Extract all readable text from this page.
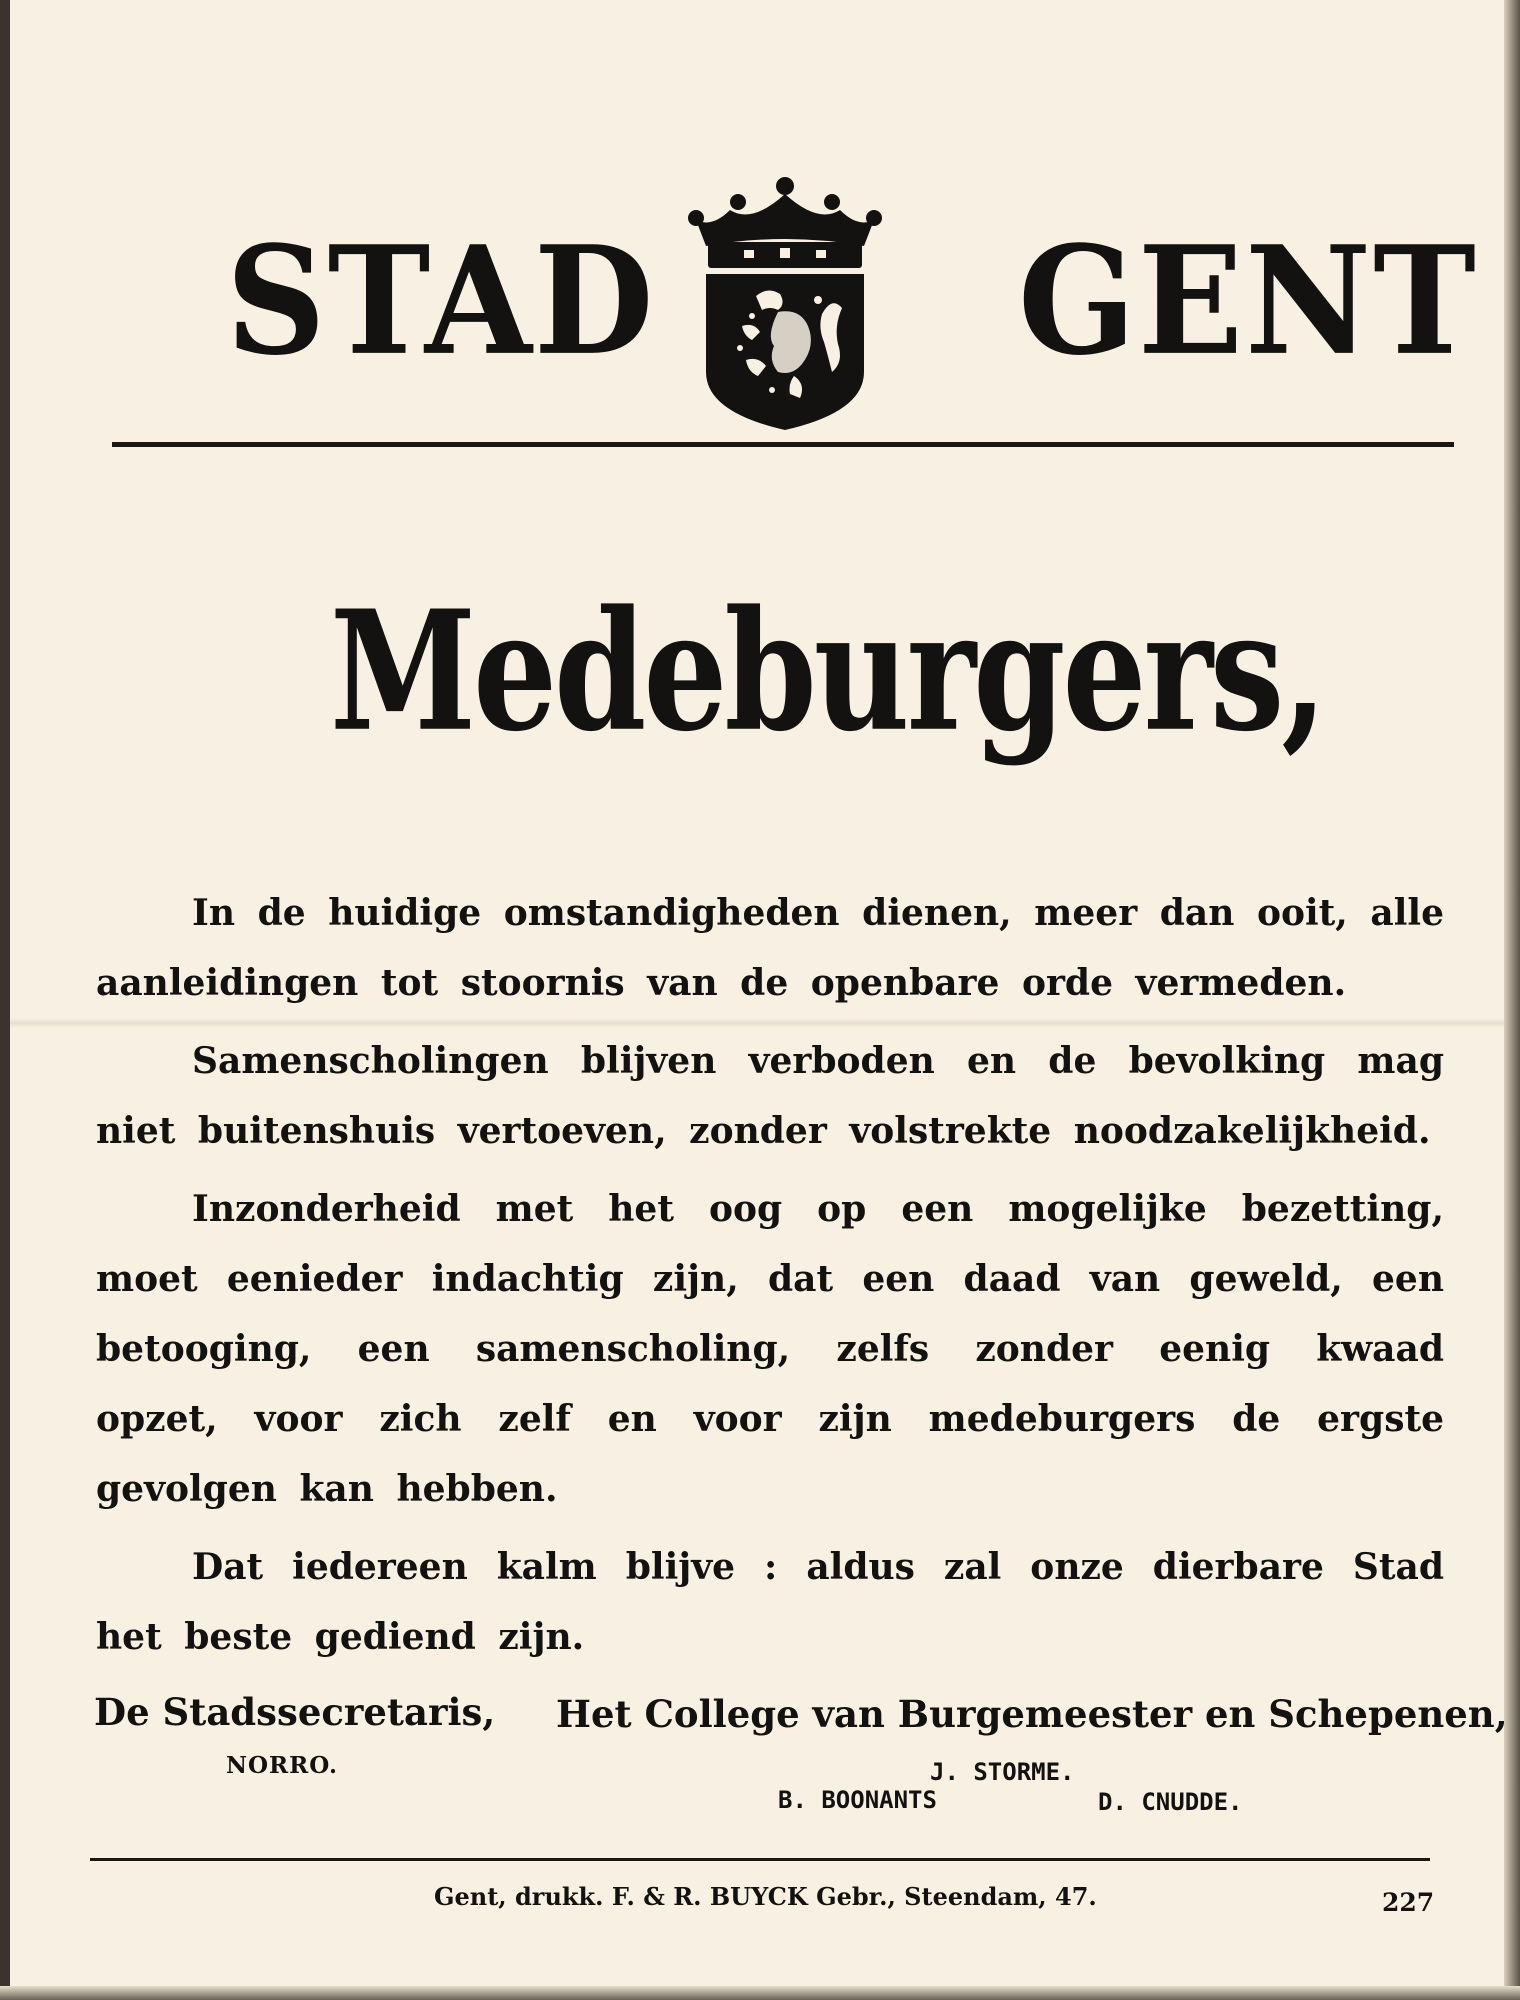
STAD	GENT
Medeburgers,

In de huidige omstandigheden dienen, meer dan ooit, alle aanleidingen tot stoornis van de openbare orde vermeden.

Samenscholingen blijven verboden en de bevolking mag niet buitenshuis vertoeven, zonder volstrekte noodzakelijkheid.

Inzonderheid met het oog op een mogelijke bezetting, moet eenieder indachtig zijn, dat een daad van geweld, een betooging, een samenscholing, zelfs zonder eenig kwaad opzet, voor zich zelf en voor zijn medeburgers de ergste gevolgen kan hebben.

Dat iedereen kalm blijve : aldus zal onze dierbare Stad het beste gediend zijn.

De Stadssecretaris,
NORRO.
Het College van Burgemeester en Schepenen,
J. STORME.
B. BOONANTS	D. CNUDDE.
Gent, drukk. F. & R. BUYCK Gebr., Steendam, 47.	227
